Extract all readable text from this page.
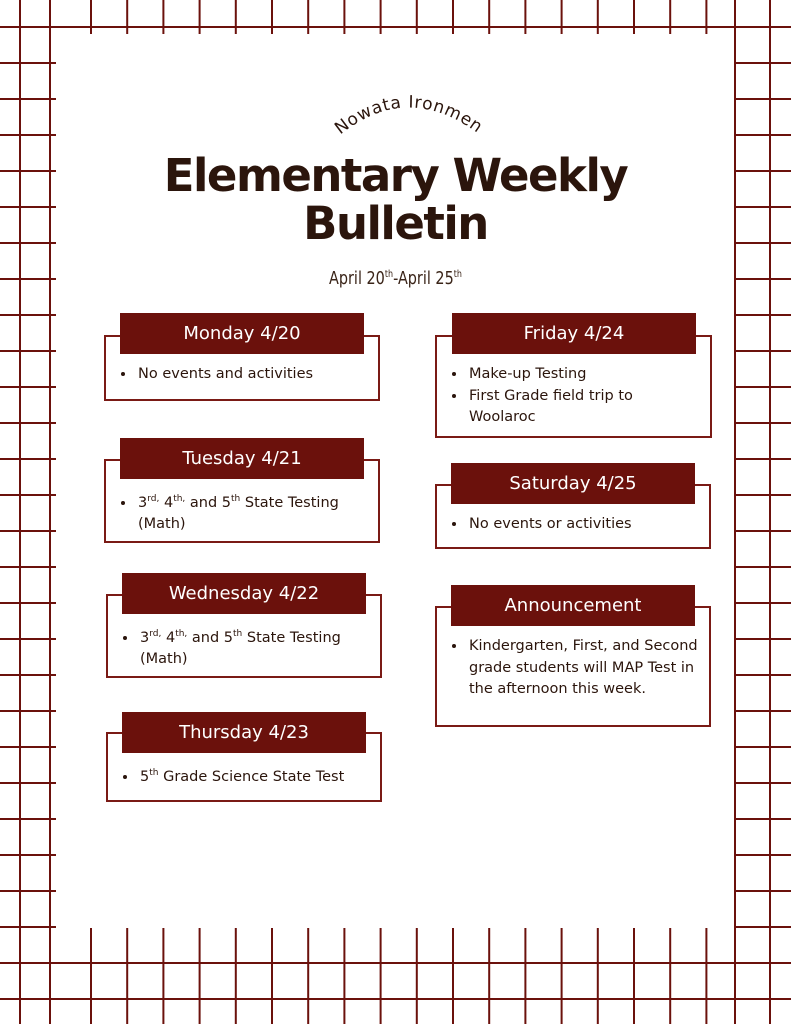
Nowata Ironmen
Elementary Weekly
Bulletin
April 20th-April 25th
Monday 4/20
• No events and activities
Tuesday 4/21
• $3^{rd,}$ $4^{th,}$ and 5th State Testing (Math)
Wednesday 4/22
• $3^{rd,}$ $4^{th,}$ and 5th State Testing (Math)
Thursday 4/23
• 5th Grade Science State Test
Friday 4/24
• Make-up Testing
• First Grade field trip to Woolaroc
Saturday 4/25
• No events or activities
Announcement
• Kindergarten, First, and Second grade students will MAP Test in the afternoon this week.
